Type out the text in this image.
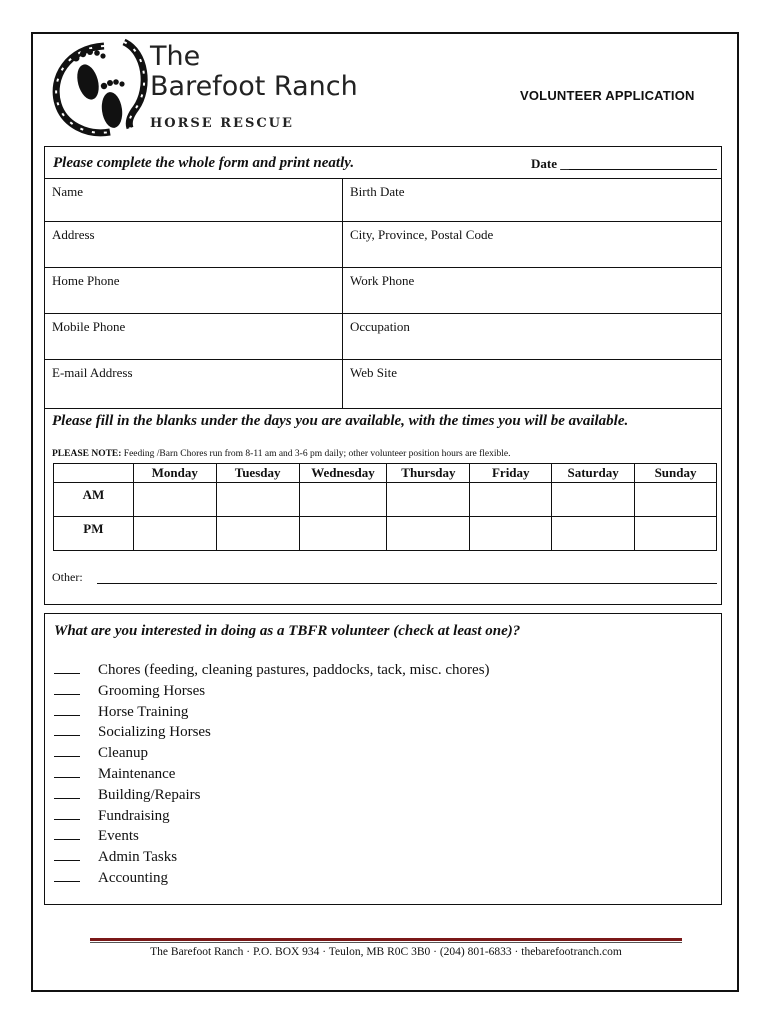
The
Barefoot Ranch
HORSE RESCUE
VOLUNTEER APPLICATION
Please complete the whole form and print neatly.	Date ___
Name	Birth Date
Address	City, Province, Postal Code
Home Phone	Work Phone
Mobile Phone	Occupation
E-mail Address	Web Site
Please fill in the blanks under the days you are available, with the times you will be available.
PLEASE NOTE: Feeding /Barn Chores run from 8-11 am and 3-6 pm daily; other volunteer position hours are flexible.
	Monday	Tuesday	Wednesday	Thursday	Friday	Saturday	Sunday
AM							
PM							
Other:
What are you interested in doing as a TBFR volunteer (check at least one)?
Chores (feeding, cleaning pastures, paddocks, tack, misc. chores)
Grooming Horses
Horse Training
Socializing Horses
Cleanup
Maintenance
Building/Repairs
Fundraising
Events
Admin Tasks
Accounting
The Barefoot Ranch · P.O. BOX 934 · Teulon, MB R0C 3B0 · (204) 801-6833 · thebarefootranch.com
